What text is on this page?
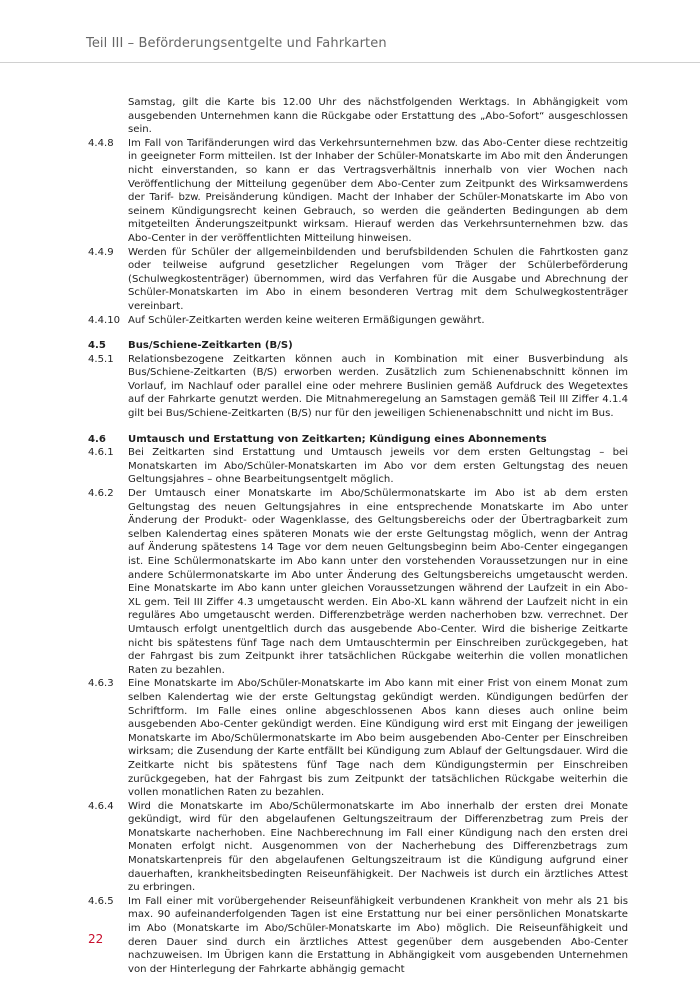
Teil III – Beförderungsentgelte und Fahrkarten
Samstag, gilt die Karte bis 12.00 Uhr des nächstfolgenden Werktags. In Abhängigkeit vom ausgebenden Unternehmen kann die Rückgabe oder Erstattung des „Abo-Sofort“ ausgeschlossen sein.
4.4.8	Im Fall von Tarifänderungen wird das Verkehrsunternehmen bzw. das Abo-Center diese rechtzeitig in geeigneter Form mitteilen. Ist der Inhaber der Schüler-Monatskarte im Abo mit den Änderungen nicht einverstanden, so kann er das Vertragsverhältnis innerhalb von vier Wochen nach Veröffentlichung der Mitteilung gegenüber dem Abo-Center zum Zeitpunkt des Wirksamwerdens der Tarif- bzw. Preisänderung kündigen. Macht der Inhaber der Schüler-Monatskarte im Abo von seinem Kündigungsrecht keinen Gebrauch, so werden die geänderten Bedingungen ab dem mitgeteilten Änderungszeitpunkt wirksam. Hierauf werden das Verkehrsunternehmen bzw. das Abo-Center in der veröffentlichten Mitteilung hinweisen.
4.4.9	Werden für Schüler der allgemeinbildenden und berufsbildenden Schulen die Fahrtkosten ganz oder teilweise aufgrund gesetzlicher Regelungen vom Träger der Schülerbeförderung (Schulwegkostenträger) übernommen, wird das Verfahren für die Ausgabe und Abrechnung der Schüler-Monatskarten im Abo in einem besonderen Vertrag mit dem Schulwegkostenträger vereinbart.
4.4.10 Auf Schüler-Zeitkarten werden keine weiteren Ermäßigungen gewährt.
4.5	Bus/Schiene-Zeitkarten (B/S)
4.5.1	Relationsbezogene Zeitkarten können auch in Kombination mit einer Busverbindung als Bus/Schiene-Zeitkarten (B/S) erworben werden. Zusätzlich zum Schienenabschnitt können im Vorlauf, im Nachlauf oder parallel eine oder mehrere Buslinien gemäß Aufdruck des Wegetextes auf der Fahrkarte genutzt werden. Die Mitnahmeregelung an Samstagen gemäß Teil III Ziffer 4.1.4 gilt bei Bus/Schiene-Zeitkarten (B/S) nur für den jeweiligen Schienenabschnitt und nicht im Bus.
4.6	Umtausch und Erstattung von Zeitkarten; Kündigung eines Abonnements
4.6.1	Bei Zeitkarten sind Erstattung und Umtausch jeweils vor dem ersten Geltungstag – bei Monatskarten im Abo/Schüler-Monatskarten im Abo vor dem ersten Geltungstag des neuen Geltungsjahres – ohne Bearbeitungsentgelt möglich.
4.6.2	Der Umtausch einer Monatskarte im Abo/Schülermonatskarte im Abo ist ab dem ersten Geltungstag des neuen Geltungsjahres in eine entsprechende Monatskarte im Abo unter Änderung der Produkt- oder Wagenklasse, des Geltungsbereichs oder der Übertragbarkeit zum selben Kalendertag eines späteren Monats wie der erste Geltungstag möglich, wenn der Antrag auf Änderung spätestens 14 Tage vor dem neuen Geltungsbeginn beim Abo-Center eingegangen ist. Eine Schülermonatskarte im Abo kann unter den vorstehenden Voraussetzungen nur in eine andere Schülermonatskarte im Abo unter Änderung des Geltungsbereichs umgetauscht werden. Eine Monatskarte im Abo kann unter gleichen Voraussetzungen während der Laufzeit in ein Abo-XL gem. Teil III Ziffer 4.3 umgetauscht werden. Ein Abo-XL kann während der Laufzeit nicht in ein reguläres Abo umgetauscht werden. Differenzbeträge werden nacherhoben bzw. verrechnet. Der Umtausch erfolgt unentgeltlich durch das ausgebende Abo-Center. Wird die bisherige Zeitkarte nicht bis spätestens fünf Tage nach dem Umtauschtermin per Einschreiben zurückgegeben, hat der Fahrgast bis zum Zeitpunkt ihrer tatsächlichen Rückgabe weiterhin die vollen monatlichen Raten zu bezahlen.
4.6.3	Eine Monatskarte im Abo/Schüler-Monatskarte im Abo kann mit einer Frist von einem Monat zum selben Kalendertag wie der erste Geltungstag gekündigt werden. Kündigungen bedürfen der Schriftform. Im Falle eines online abgeschlossenen Abos kann dieses auch online beim ausgebenden Abo-Center gekündigt werden. Eine Kündigung wird erst mit Eingang der jeweiligen Monatskarte im Abo/Schülermonatskarte im Abo beim ausgebenden Abo-Center per Einschreiben wirksam; die Zusendung der Karte entfällt bei Kündigung zum Ablauf der Geltungsdauer. Wird die Zeitkarte nicht bis spätestens fünf Tage nach dem Kündigungstermin per Einschreiben zurückgegeben, hat der Fahrgast bis zum Zeitpunkt der tatsächlichen Rückgabe weiterhin die vollen monatlichen Raten zu bezahlen.
4.6.4	Wird die Monatskarte im Abo/Schülermonatskarte im Abo innerhalb der ersten drei Monate gekündigt, wird für den abgelaufenen Geltungszeitraum der Differenzbetrag zum Preis der Monatskarte nacherhoben. Eine Nachberechnung im Fall einer Kündigung nach den ersten drei Monaten erfolgt nicht. Ausgenommen von der Nacherhebung des Differenzbetrags zum Monatskartenpreis für den abgelaufenen Geltungszeitraum ist die Kündigung aufgrund einer dauerhaften, krankheitsbedingten Reiseunfähigkeit. Der Nachweis ist durch ein ärztliches Attest zu erbringen.
4.6.5	Im Fall einer mit vorübergehender Reiseunfähigkeit verbundenen Krankheit von mehr als 21 bis max. 90 aufeinanderfolgenden Tagen ist eine Erstattung nur bei einer persönlichen Monatskarte im Abo (Monatskarte im Abo/Schüler-Monatskarte im Abo) möglich. Die Reiseunfähigkeit und deren Dauer sind durch ein ärztliches Attest gegenüber dem ausgebenden Abo-Center nachzuweisen. Im Übrigen kann die Erstattung in Abhängigkeit vom ausgebenden Unternehmen von der Hinterlegung der Fahrkarte abhängig gemacht
22
